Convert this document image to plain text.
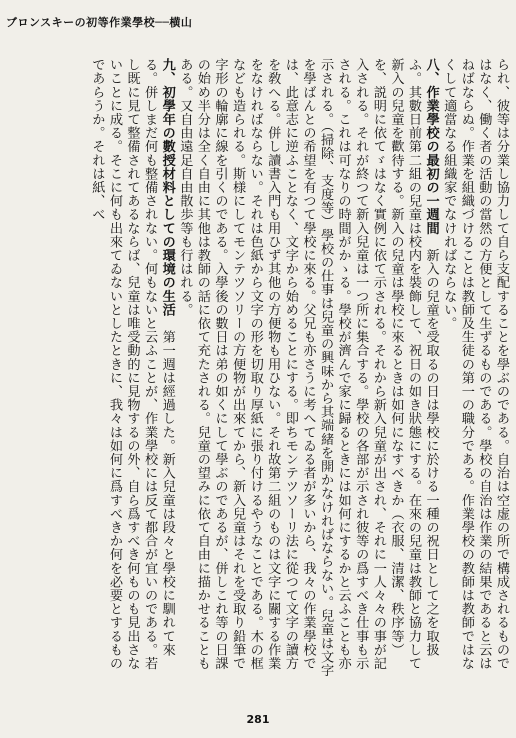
ブロンスキーの初等作業學校──横山

られ、彼等は分業し協力して自ら支配することを學ぶのである。自治は空虚の所で構成されるものではなく、働く者の活動の當然の方便として生ずるものである。學校の自治は作業の結果であると云はねばならぬ。作業を組織づけることは教師及生徒の第一の職分である。作業學校の教師は教師ではなくして適當なる組織家でなければならない。

八、作業學校の最初の一週間　新入の兒童を受取るの日は學校に於ける一種の祝日として之を取扱ふ。其數日前第二組の兒童は校内を裝飾して、祝日の如き狀態にする。在來の兒童は教師と協力して新入の兒童を歡待する。新入の兒童は學校に來るときは如何になすべきか（衣服、清潔、秩序等）を、説明に依てゞはなく實例に依て示される。それから新入兒童が出され、それに一人々々の事が記入される。それが終つて新入兒童は一つ所に集合する。學校の各部が示され彼等の爲すべき仕事も示される。これは可なりの時間がかゝる。學校が濟んで家に歸るときには如何にするかと云ふことも亦示される。（掃除、支度等）學校の仕事は兒童の興味から其端緒を開かなければならない。兒童は文字を學ばんとの希望を有つて學校に來る。父兄も亦さうに考へてゐる者が多いから、我々の作業學校では、此意志に逆ふことなく、文字から始めることにする。即ちモンテツソーリ法に從つて文字の讀方を敎へる。併し讀書入門も用ひず其他の方便物も用ひない。それ故第二組のものは文字に關する作業をなければならない。それは色紙から文字の形を切取り厚紙に張り付けるやうなことである。木の框なども造られる。斯様にしてモンテツソリーの方便物が出來てから、新入兒童はそれを受取り鉛筆で字形の輪廓に線を引くのである。入學後の數日は弟の如くにして學ぶのであるが、併しこれ等の日課の始め半分は全く自由に其他は教師の話に依て充たされる。兒童の望みに依て自由に描かせることもある。又自由遠足自由散歩等も行はれる。

九、初學年の數授材料としての環境の生活　第一週は經過した。新入兒童は段々と學校に馴れて來る。併しまだ何も整備されない。何もないと云ふことが、作業學校には反て都合が宜いのである。若し既に見て整備されてあるならば、兒童は唯受動的に見物するの外、自ら爲すべき何ものも見出さないことに成る。そこに何も出來てゐないとしたときに、我々は如何に爲すべきか何を必要とするものであらうか。それは紙、べ

281
